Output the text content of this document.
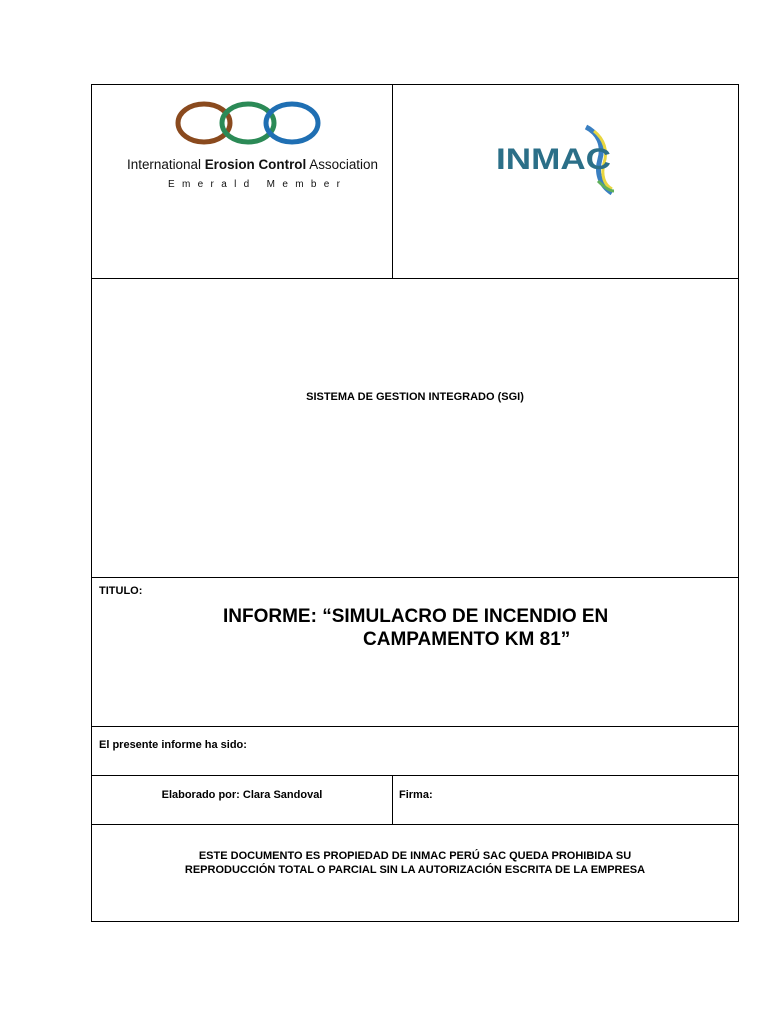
International Erosion Control Association
E m e r a l d   M e m b e r
INMAC
SISTEMA DE GESTION INTEGRADO (SGI)
TITULO:
INFORME: “SIMULACRO DE INCENDIO EN
CAMPAMENTO KM 81”
El presente informe ha sido:
Elaborado por: Clara Sandoval	Firma:
ESTE DOCUMENTO ES PROPIEDAD DE INMAC PERÚ SAC QUEDA PROHIBIDA SU
REPRODUCCIÓN TOTAL O PARCIAL SIN LA AUTORIZACIÓN ESCRITA DE LA EMPRESA
